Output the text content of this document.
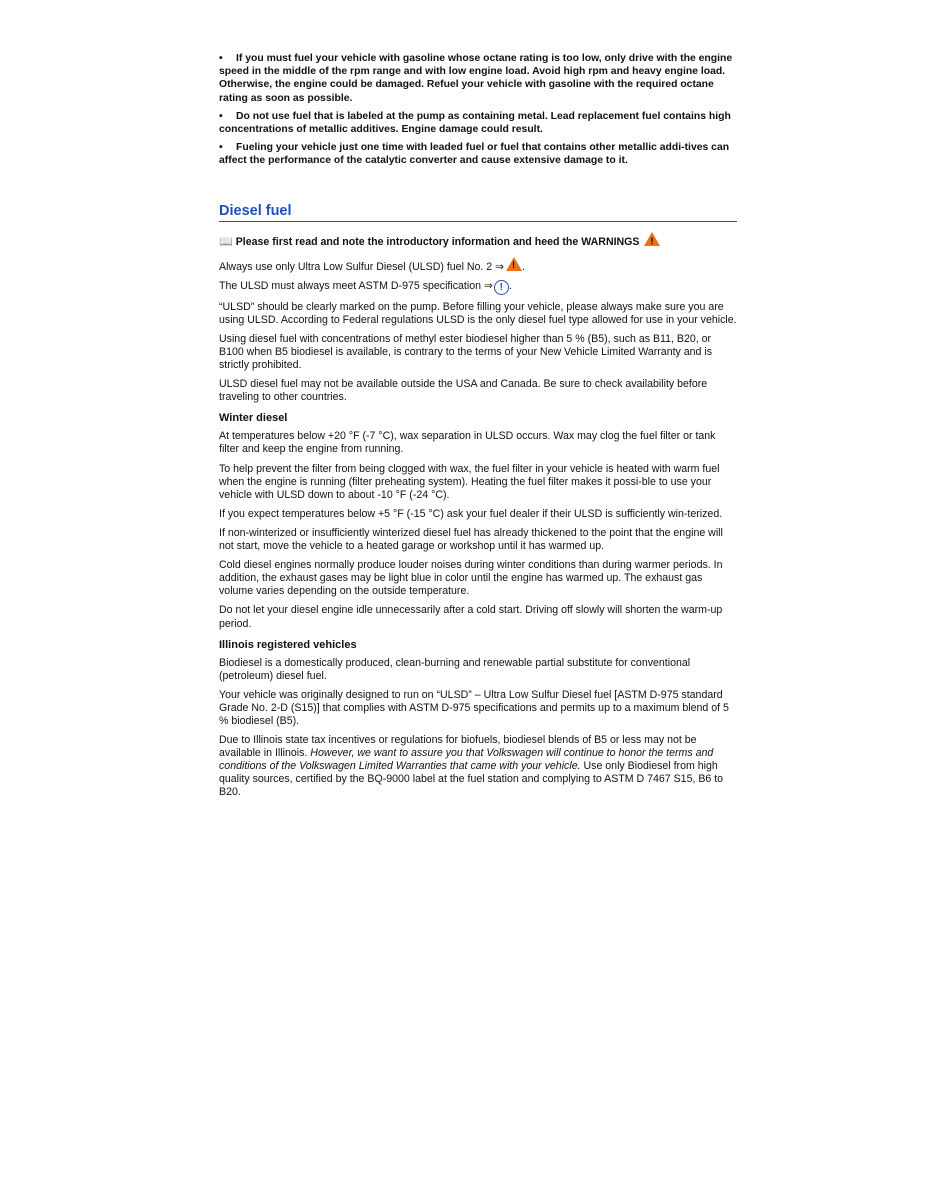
• If you must fuel your vehicle with gasoline whose octane rating is too low, only drive with the engine speed in the middle of the rpm range and with low engine load. Avoid high rpm and heavy engine load. Otherwise, the engine could be damaged. Refuel your vehicle with gasoline with the required octane rating as soon as possible.
• Do not use fuel that is labeled at the pump as containing metal. Lead replacement fuel contains high concentrations of metallic additives. Engine damage could result.
• Fueling your vehicle just one time with leaded fuel or fuel that contains other metallic addi-tives can affect the performance of the catalytic converter and cause extensive damage to it.
Diesel fuel
📖 Please first read and note the introductory information and heed the WARNINGS !

Always use only Ultra Low Sulfur Diesel (ULSD) fuel No. 2 ⇒! .

The ULSD must always meet ASTM D-975 specification ⇒ ! .

“ULSD” should be clearly marked on the pump. Before filling your vehicle, please always make sure you are using ULSD. According to Federal regulations ULSD is the only diesel fuel type allowed for use in your vehicle.

Using diesel fuel with concentrations of methyl ester biodiesel higher than 5 % (B5), such as B11, B20, or B100 when B5 biodiesel is available, is contrary to the terms of your New Vehicle Limited Warranty and is strictly prohibited.

ULSD diesel fuel may not be available outside the USA and Canada. Be sure to check availability before traveling to other countries.

Winter diesel

At temperatures below +20 °F (-7 °C), wax separation in ULSD occurs. Wax may clog the fuel filter or tank filter and keep the engine from running.

To help prevent the filter from being clogged with wax, the fuel filter in your vehicle is heated with warm fuel when the engine is running (filter preheating system). Heating the fuel filter makes it possi-ble to use your vehicle with ULSD down to about -10 °F (-24 °C).

If you expect temperatures below +5 °F (-15 °C) ask your fuel dealer if their ULSD is sufficiently win-terized.

If non-winterized or insufficiently winterized diesel fuel has already thickened to the point that the engine will not start, move the vehicle to a heated garage or workshop until it has warmed up.

Cold diesel engines normally produce louder noises during winter conditions than during warmer periods. In addition, the exhaust gases may be light blue in color until the engine has warmed up. The exhaust gas volume varies depending on the outside temperature.

Do not let your diesel engine idle unnecessarily after a cold start. Driving off slowly will shorten the warm-up period.

Illinois registered vehicles

Biodiesel is a domestically produced, clean-burning and renewable partial substitute for conventional (petroleum) diesel fuel.

Your vehicle was originally designed to run on “ULSD” – Ultra Low Sulfur Diesel fuel [ASTM D-975 standard Grade No. 2-D (S15)] that complies with ASTM D-975 specifications and permits up to a maximum blend of 5 % biodiesel (B5).

Due to Illinois state tax incentives or regulations for biofuels, biodiesel blends of B5 or less may not be available in Illinois. However, we want to assure you that Volkswagen will continue to honor the terms and conditions of the Volkswagen Limited Warranties that came with your vehicle. Use only Biodiesel from high quality sources, certified by the BQ-9000 label at the fuel station and complying to ASTM D 7467 S15, B6 to B20.
